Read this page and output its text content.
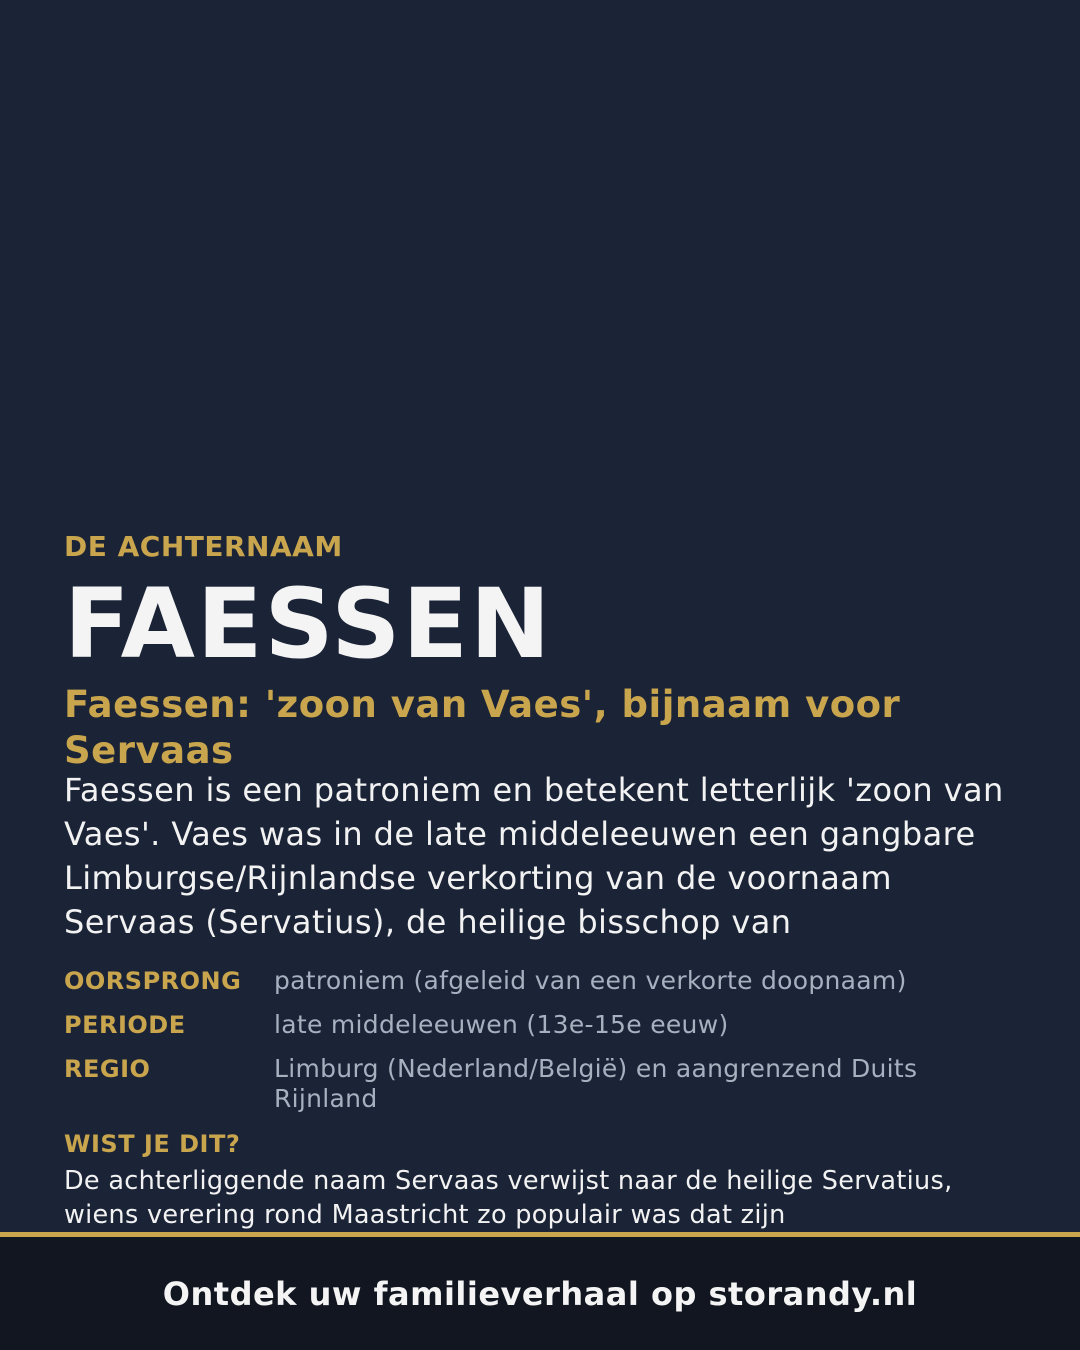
DE ACHTERNAAM
FAESSEN
Faessen: 'zoon van Vaes', bijnaam voor Servaas
Faessen is een patroniem en betekent letterlijk 'zoon van Vaes'. Vaes was in de late middeleeuwen een gangbare Limburgse/Rijnlandse verkorting van de voornaam Servaas (Servatius), de heilige bisschop van
OORSPRONG	patroniem (afgeleid van een verkorte doopnaam)
PERIODE	late middeleeuwen (13e-15e eeuw)
REGIO	Limburg (Nederland/België) en aangrenzend Duits Rijnland
WIST JE DIT?
De achterliggende naam Servaas verwijst naar de heilige Servatius, wiens verering rond Maastricht zo populair was dat zijn
Ontdek uw familieverhaal op storandy.nl
